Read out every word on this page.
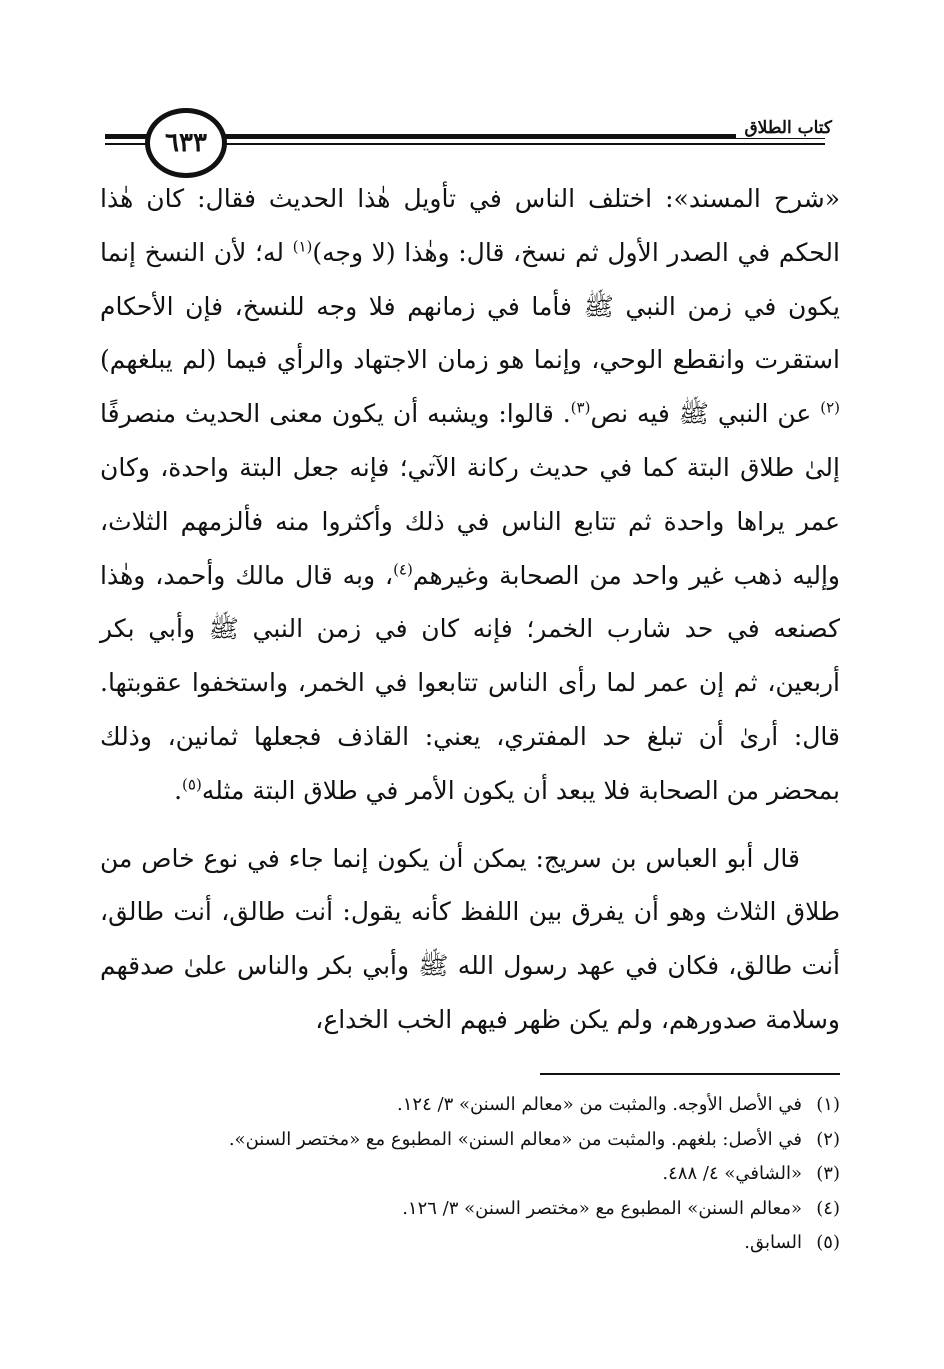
٦٣٣	كتاب الطلاق

«شرح المسند»: اختلف الناس في تأويل هٰذا الحديث فقال: كان هٰذا الحكم في الصدر الأول ثم نسخ، قال: وهٰذا (لا وجه)$^{(١)}$ له؛ لأن النسخ إنما يكون في زمن النبي ﷺ فأما في زمانهم فلا وجه للنسخ، فإن الأحكام استقرت وانقطع الوحي، وإنما هو زمان الاجتهاد والرأي فيما (لم يبلغهم)$^{(٢)}$ عن النبي ﷺ فيه نص$^{(٣)}$. قالوا: ويشبه أن يكون معنى الحديث منصرفًا إلىٰ طلاق البتة كما في حديث ركانة الآتي؛ فإنه جعل البتة واحدة، وكان عمر يراها واحدة ثم تتابع الناس في ذلك وأكثروا منه فألزمهم الثلاث، وإليه ذهب غير واحد من الصحابة وغيرهم$^{(٤)}$، وبه قال مالك وأحمد، وهٰذا كصنعه في حد شارب الخمر؛ فإنه كان في زمن النبي ﷺ وأبي بكر أربعين، ثم إن عمر لما رأى الناس تتابعوا في الخمر، واستخفوا عقوبتها. قال: أرىٰ أن تبلغ حد المفتري، يعني: القاذف فجعلها ثمانين، وذلك بمحضر من الصحابة فلا يبعد أن يكون الأمر في طلاق البتة مثله$^{(٥)}$.

قال أبو العباس بن سريج: يمكن أن يكون إنما جاء في نوع خاص من طلاق الثلاث وهو أن يفرق بين اللفظ كأنه يقول: أنت طالق، أنت طالق، أنت طالق، فكان في عهد رسول الله ﷺ وأبي بكر والناس علىٰ صدقهم وسلامة صدورهم، ولم يكن ظهر فيهم الخب الخداع،

(١)
في الأصل الأوجه. والمثبت من «معالم السنن» ٣/ ١٢٤.
(٢)
في الأصل: بلغهم. والمثبت من «معالم السنن» المطبوع مع «مختصر السنن».
(٣)
«الشافي» ٤/ ٤٨٨.
(٤)
«معالم السنن» المطبوع مع «مختصر السنن» ٣/ ١٢٦.
(٥)
السابق.
